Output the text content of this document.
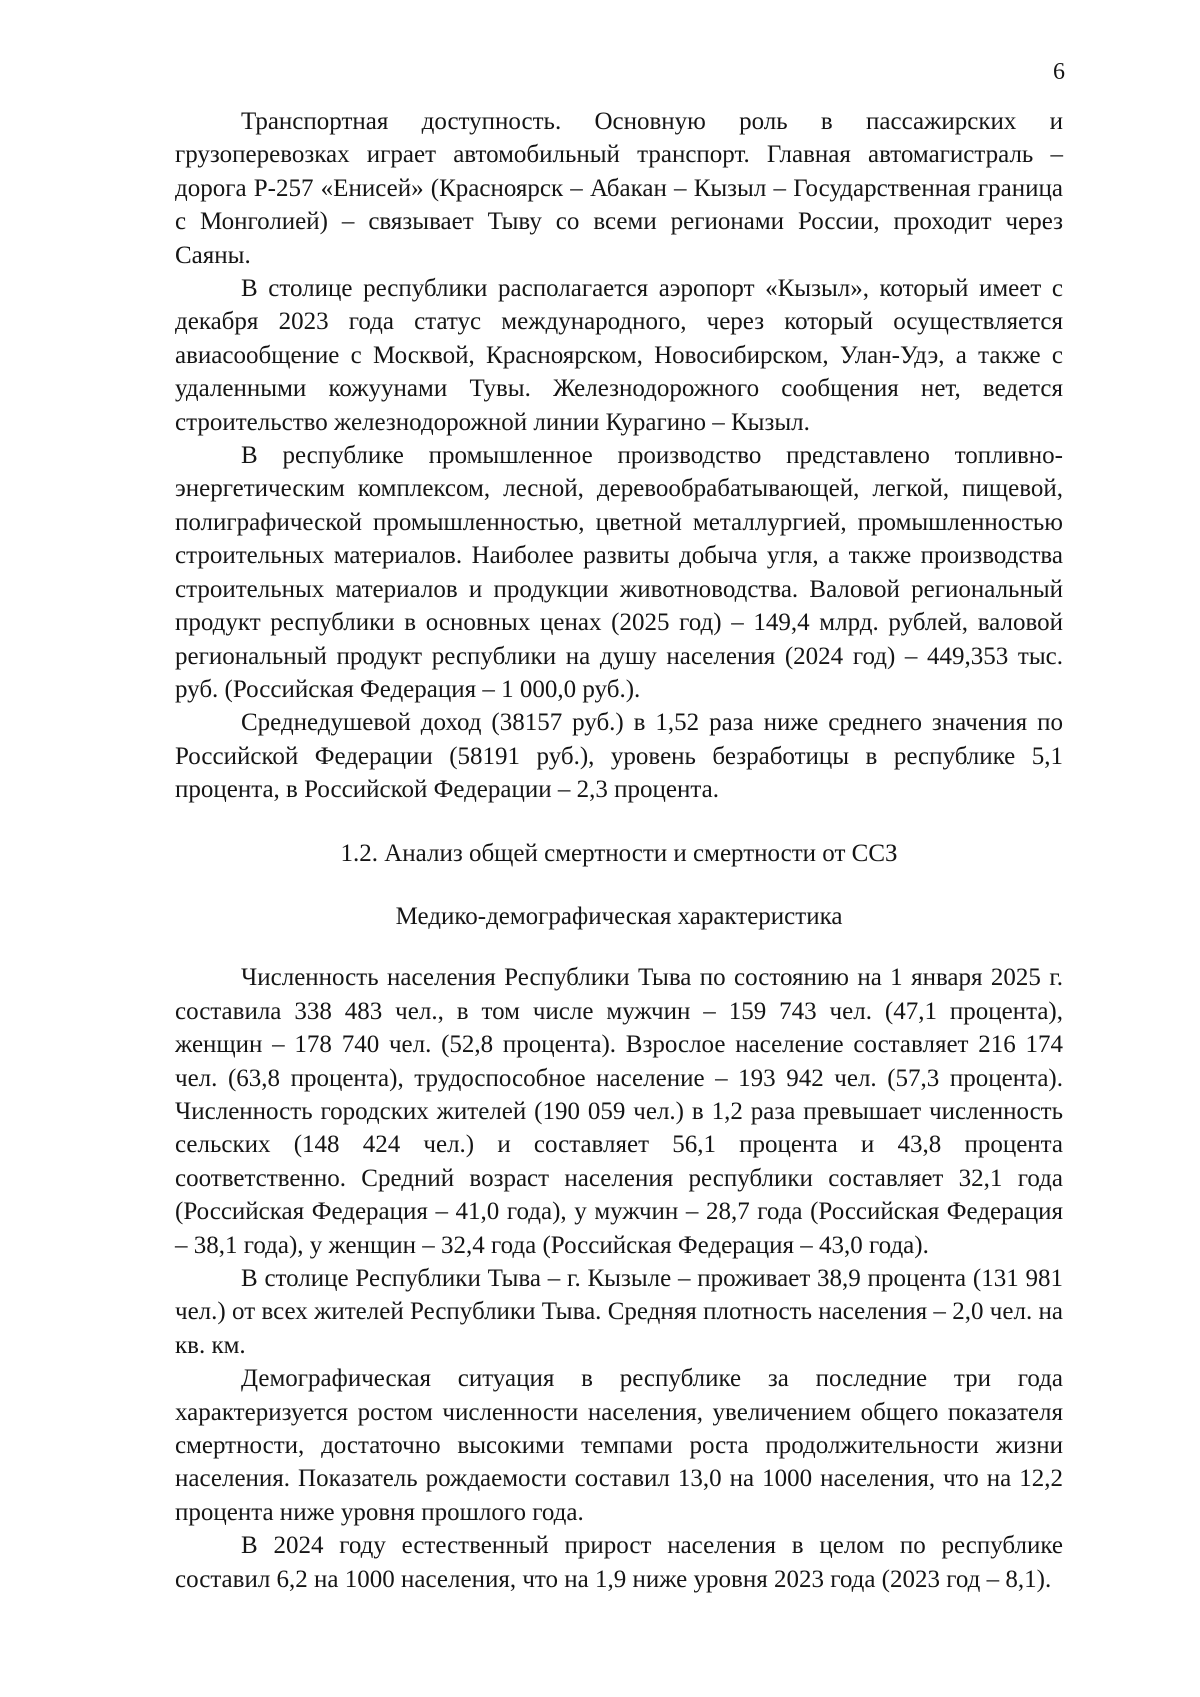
6

Транспортная доступность. Основную роль в пассажирских и грузоперевозках играет автомобильный транспорт. Главная автомагистраль – дорога Р-257 «Енисей» (Красноярск – Абакан – Кызыл – Государственная граница с Монголией) – связывает Тыву со всеми регионами России, проходит через Саяны.

В столице республики располагается аэропорт «Кызыл», который имеет с декабря 2023 года статус международного, через который осуществляется авиасообщение с Москвой, Красноярском, Новосибирском, Улан-Удэ, а также с удаленными кожуунами Тувы. Железнодорожного сообщения нет, ведется строительство железнодорожной линии Курагино – Кызыл.

В республике промышленное производство представлено топливно-энергетическим комплексом, лесной, деревообрабатывающей, легкой, пищевой, полиграфической промышленностью, цветной металлургией, промышленностью строительных материалов. Наиболее развиты добыча угля, а также производства строительных материалов и продукции животноводства. Валовой региональный продукт республики в основных ценах (2025 год) – 149,4 млрд. рублей, валовой региональный продукт республики на душу населения (2024 год) – 449,353 тыс. руб. (Российская Федерация – 1 000,0 руб.).

Среднедушевой доход (38157 руб.) в 1,52 раза ниже среднего значения по Российской Федерации (58191 руб.), уровень безработицы в республике 5,1 процента, в Российской Федерации – 2,3 процента.

1.2. Анализ общей смертности и смертности от ССЗ

Медико-демографическая характеристика

Численность населения Республики Тыва по состоянию на 1 января 2025 г. составила 338 483 чел., в том числе мужчин – 159 743 чел. (47,1 процента), женщин – 178 740 чел. (52,8 процента). Взрослое население составляет 216 174 чел. (63,8 процента), трудоспособное население – 193 942 чел. (57,3 процента). Численность городских жителей (190 059 чел.) в 1,2 раза превышает численность сельских (148 424 чел.) и составляет 56,1 процента и 43,8 процента соответственно. Средний возраст населения республики составляет 32,1 года (Российская Федерация – 41,0 года), у мужчин – 28,7 года (Российская Федерация – 38,1 года), у женщин – 32,4 года (Российская Федерация – 43,0 года).

В столице Республики Тыва – г. Кызыле – проживает 38,9 процента (131 981 чел.) от всех жителей Республики Тыва. Средняя плотность населения – 2,0 чел. на кв. км.

Демографическая ситуация в республике за последние три года характеризуется ростом численности населения, увеличением общего показателя смертности, достаточно высокими темпами роста продолжительности жизни населения. Показатель рождаемости составил 13,0 на 1000 населения, что на 12,2 процента ниже уровня прошлого года.

В 2024 году естественный прирост населения в целом по республике составил 6,2 на 1000 населения, что на 1,9 ниже уровня 2023 года (2023 год – 8,1).
